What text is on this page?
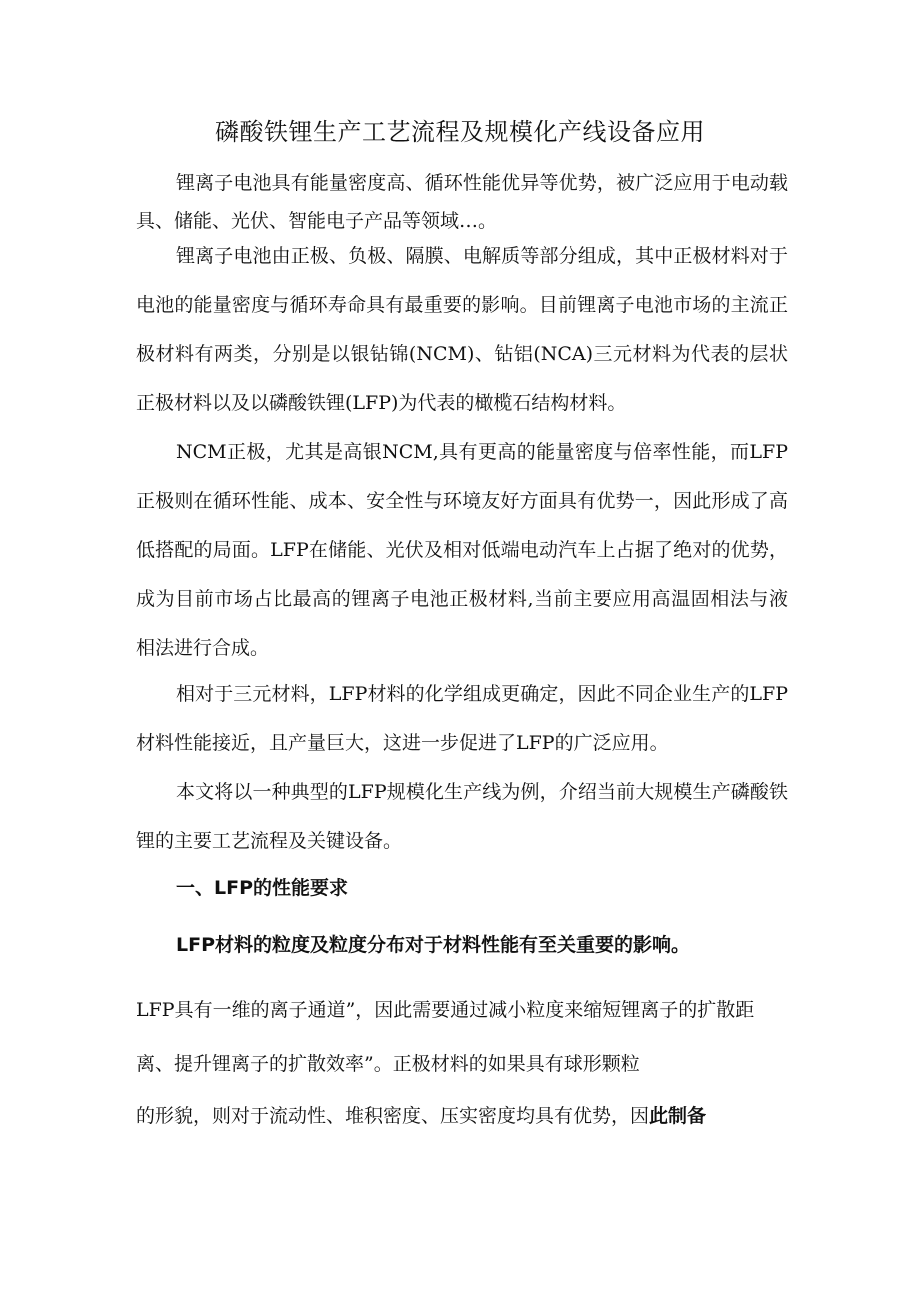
磷酸铁锂生产工艺流程及规模化产线设备应用

锂离子电池具有能量密度高、循环性能优异等优势，被广泛应用于电动载具、储能、光伏、智能电子产品等领域…。

锂离子电池由正极、负极、隔膜、电解质等部分组成，其中正极材料对于电池的能量密度与循环寿命具有最重要的影响。目前锂离子电池市场的主流正极材料有两类，分别是以银钻锦(NCM)、钻铝(NCA)三元材料为代表的层状正极材料以及以磷酸铁锂(LFP)为代表的橄榄石结构材料。

NCM正极，尤其是高银NCM,具有更高的能量密度与倍率性能，而LFP正极则在循环性能、成本、安全性与环境友好方面具有优势一，因此形成了高低搭配的局面。LFP在储能、光伏及相对低端电动汽车上占据了绝对的优势，成为目前市场占比最高的锂离子电池正极材料,当前主要应用高温固相法与液相法进行合成。

相对于三元材料，LFP材料的化学组成更确定，因此不同企业生产的LFP材料性能接近，且产量巨大，这进一步促进了LFP的广泛应用。

本文将以一种典型的LFP规模化生产线为例，介绍当前大规模生产磷酸铁锂的主要工艺流程及关键设备。

一、LFP的性能要求
LFP材料的粒度及粒度分布对于材料性能有至关重要的影响。
LFP具有一维的离子通道”，因此需要通过减小粒度来缩短锂离子的扩散距
离、提升锂离子的扩散效率”。正极材料的如果具有球形颗粒
的形貌，则对于流动性、堆积密度、压实密度均具有优势，因此制备
